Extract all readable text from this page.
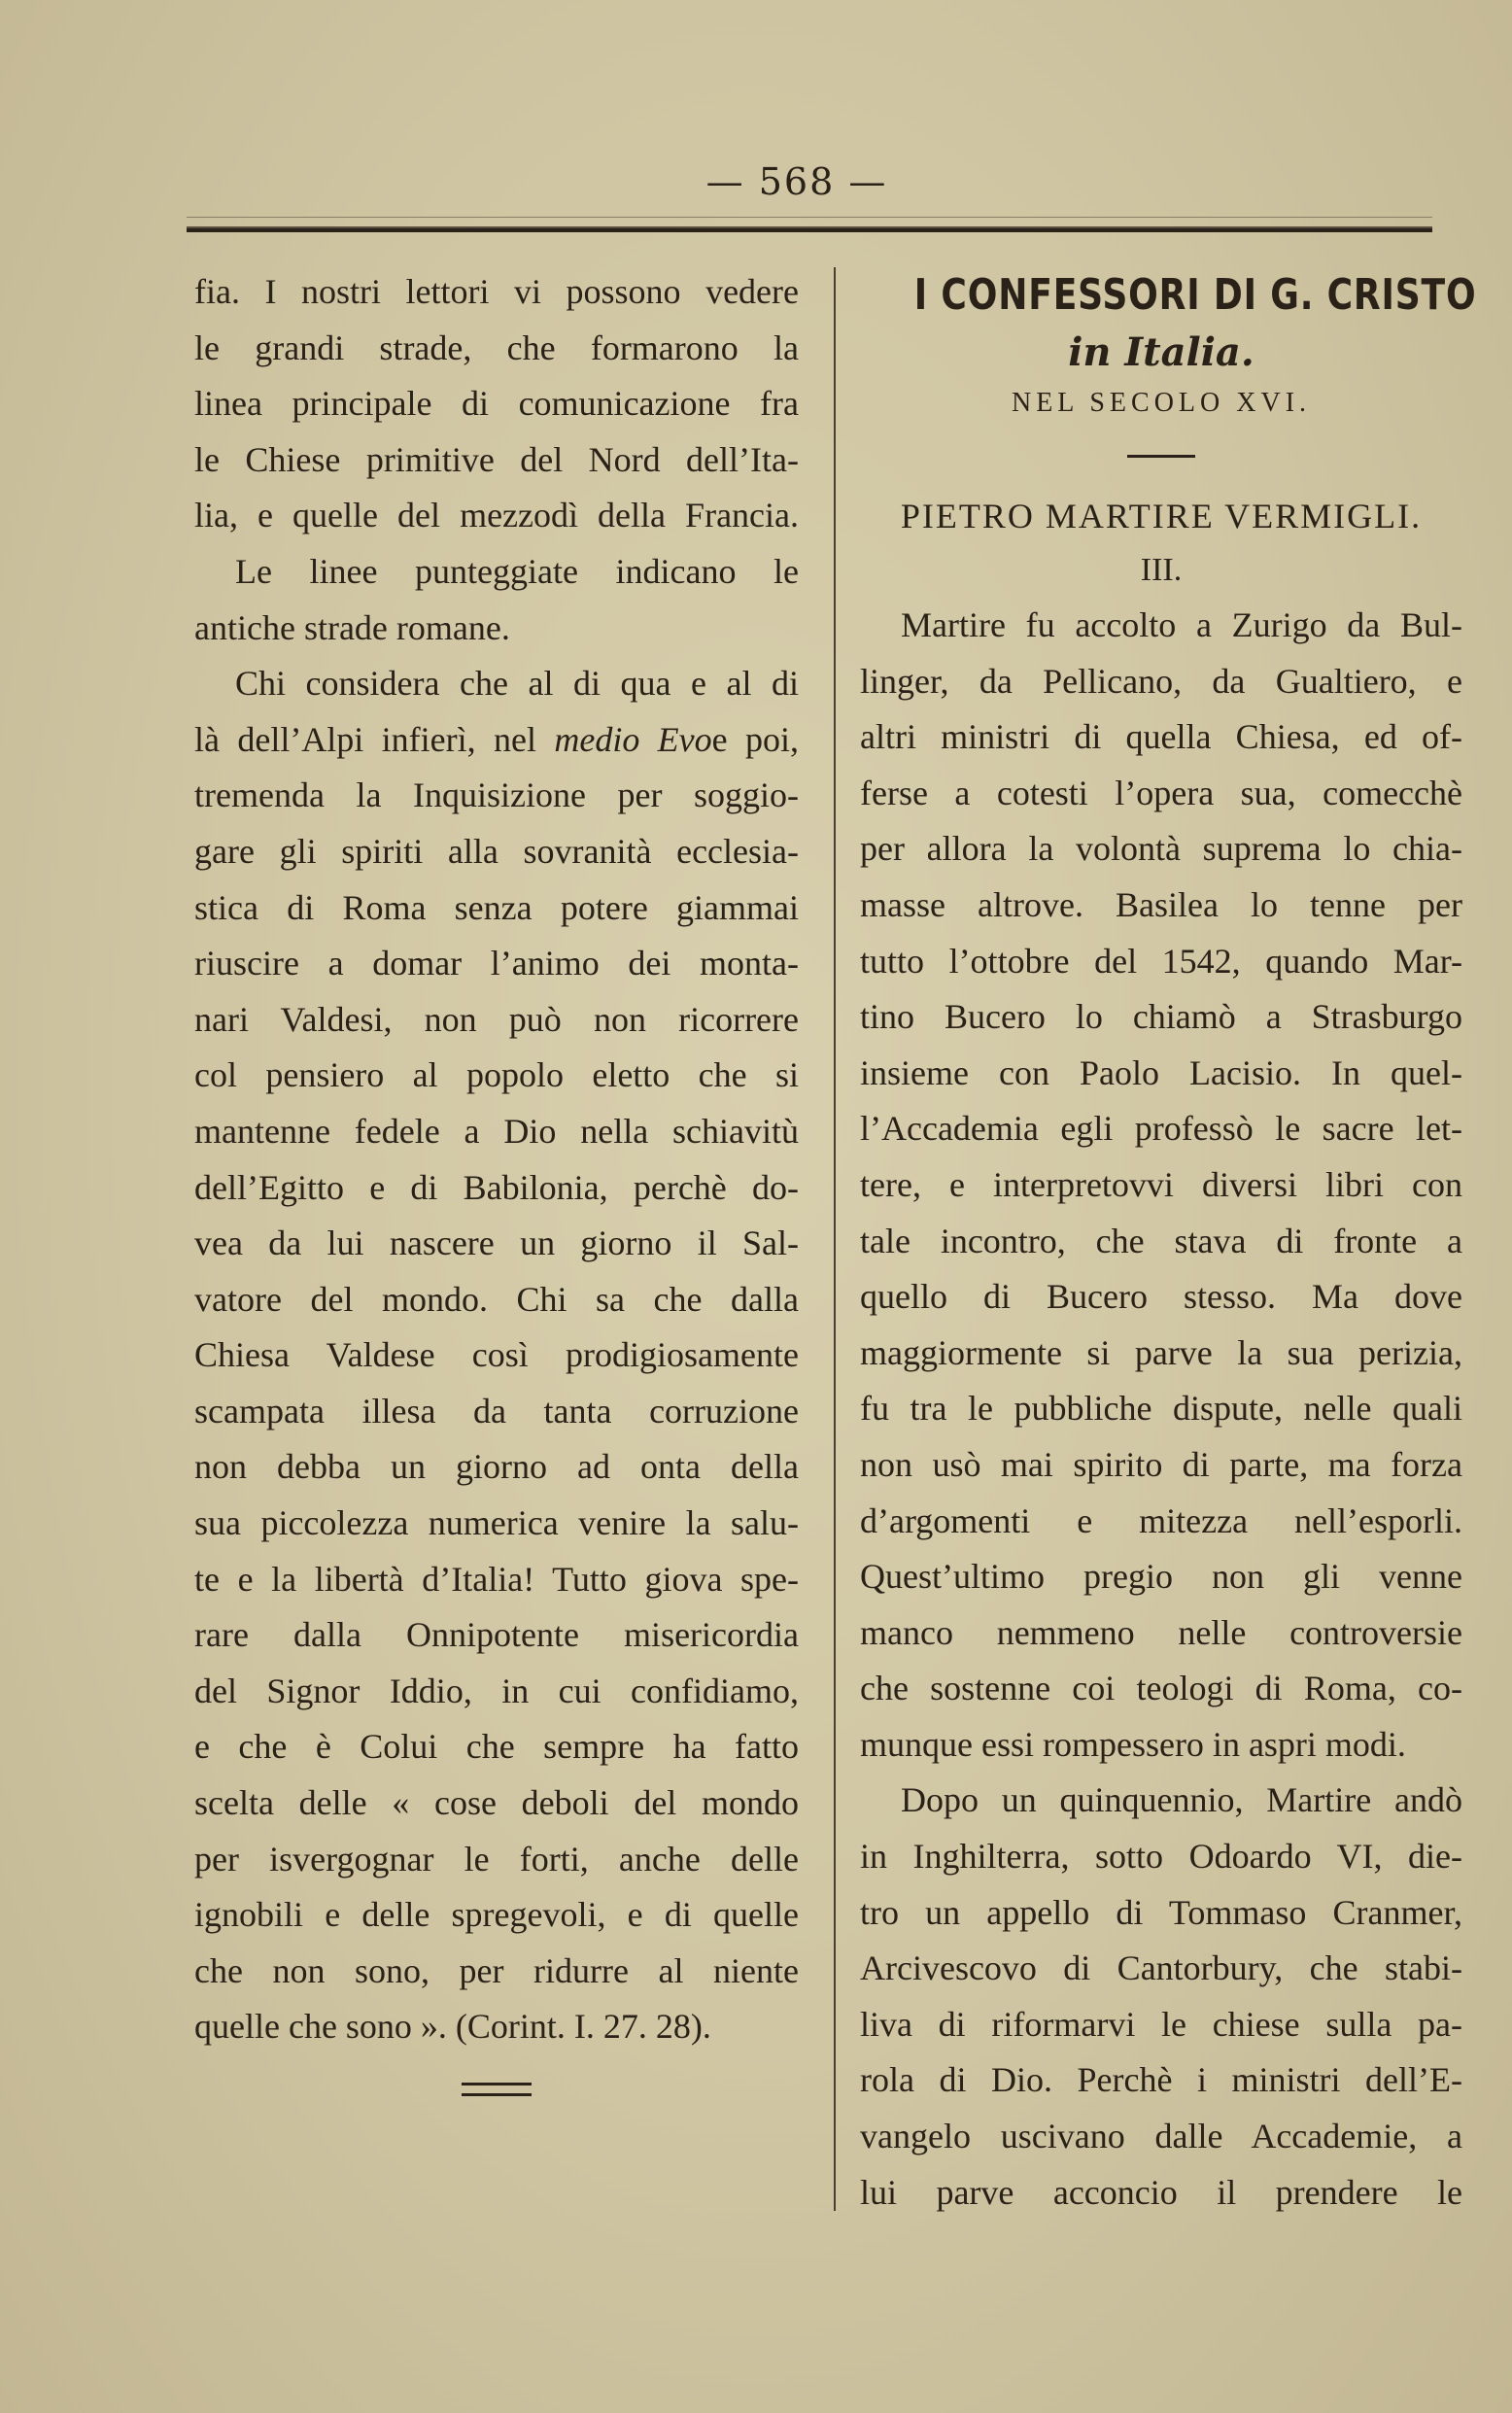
— 568 —
fia. I nostri lettori vi possono vedere
le grandi strade, che formarono la
linea principale di comunicazione fra
le Chiese primitive del Nord dell’Ita-
lia, e quelle del mezzodì della Francia.
Le linee punteggiate indicano le
antiche strade romane.
Chi considera che al di qua e al di
là dell’Alpi infierì, nel medio Evoe poi,
tremenda la Inquisizione per soggio-
gare gli spiriti alla sovranità ecclesia-
stica di Roma senza potere giammai
riuscire a domar l’animo dei monta-
nari Valdesi, non può non ricorrere
col pensiero al popolo eletto che si
mantenne fedele a Dio nella schiavitù
dell’Egitto e di Babilonia, perchè do-
vea da lui nascere un giorno il Sal-
vatore del mondo. Chi sa che dalla
Chiesa Valdese così prodigiosamente
scampata illesa da tanta corruzione
non debba un giorno ad onta della
sua piccolezza numerica venire la salu-
te e la libertà d’Italia! Tutto giova spe-
rare dalla Onnipotente misericordia
del Signor Iddio, in cui confidiamo,
e che è Colui che sempre ha fatto
scelta delle « cose deboli del mondo
per isvergognar le forti, anche delle
ignobili e delle spregevoli, e di quelle
che non sono, per ridurre al niente
quelle che sono ». (Corint. I. 27. 28).
I CONFESSORI DI G. CRISTO
in Italia.
NEL SECOLO XVI.
PIETRO MARTIRE VERMIGLI.
III.
Martire fu accolto a Zurigo da Bul-
linger, da Pellicano, da Gualtiero, e
altri ministri di quella Chiesa, ed of-
ferse a cotesti l’opera sua, comecchè
per allora la volontà suprema lo chia-
masse altrove. Basilea lo tenne per
tutto l’ottobre del 1542, quando Mar-
tino Bucero lo chiamò a Strasburgo
insieme con Paolo Lacisio. In quel-
l’Accademia egli professò le sacre let-
tere, e interpretovvi diversi libri con
tale incontro, che stava di fronte a
quello di Bucero stesso. Ma dove
maggiormente si parve la sua perizia,
fu tra le pubbliche dispute, nelle quali
non usò mai spirito di parte, ma forza
d’argomenti e mitezza nell’esporli.
Quest’ultimo pregio non gli venne
manco nemmeno nelle controversie
che sostenne coi teologi di Roma, co-
munque essi rompessero in aspri modi.
Dopo un quinquennio, Martire andò
in Inghilterra, sotto Odoardo VI, die-
tro un appello di Tommaso Cranmer,
Arcivescovo di Cantorbury, che stabi-
liva di riformarvi le chiese sulla pa-
rola di Dio. Perchè i ministri dell’E-
vangelo uscivano dalle Accademie, a
lui parve acconcio il prendere le
